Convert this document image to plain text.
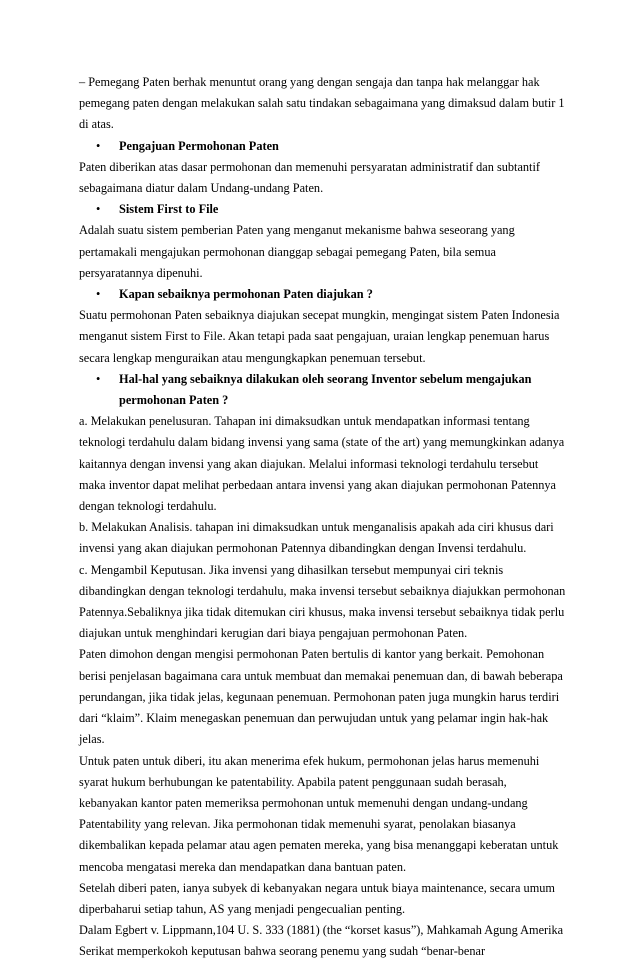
– Pemegang Paten berhak menuntut orang yang dengan sengaja dan tanpa hak melanggar hak pemegang paten dengan melakukan salah satu tindakan sebagaimana yang dimaksud dalam butir 1 di atas.

• Pengajuan Permohonan Paten

Paten diberikan atas dasar permohonan dan memenuhi persyaratan administratif dan subtantif sebagaimana diatur dalam Undang-undang Paten.

• Sistem First to File

Adalah suatu sistem pemberian Paten yang menganut mekanisme bahwa seseorang yang pertamakali mengajukan permohonan dianggap sebagai pemegang Paten, bila semua persyaratannya dipenuhi.

• Kapan sebaiknya permohonan Paten diajukan ?

Suatu permohonan Paten sebaiknya diajukan secepat mungkin, mengingat sistem Paten Indonesia menganut sistem First to File. Akan tetapi pada saat pengajuan, uraian lengkap penemuan harus secara lengkap menguraikan atau mengungkapkan penemuan tersebut.

• Hal-hal yang sebaiknya dilakukan oleh seorang Inventor sebelum mengajukan permohonan Paten ?

a. Melakukan penelusuran. Tahapan ini dimaksudkan untuk mendapatkan informasi tentang teknologi terdahulu dalam bidang invensi yang sama (state of the art) yang memungkinkan adanya kaitannya dengan invensi yang akan diajukan. Melalui informasi teknologi terdahulu tersebut maka inventor dapat melihat perbedaan antara invensi yang akan diajukan permohonan Patennya dengan teknologi terdahulu.

b. Melakukan Analisis. tahapan ini dimaksudkan untuk menganalisis apakah ada ciri khusus dari invensi yang akan diajukan permohonan Patennya dibandingkan dengan Invensi terdahulu.

c. Mengambil Keputusan. Jika invensi yang dihasilkan tersebut mempunyai ciri teknis dibandingkan dengan teknologi terdahulu, maka invensi tersebut sebaiknya diajukkan permohonan Patennya.Sebaliknya jika tidak ditemukan ciri khusus, maka invensi tersebut sebaiknya tidak perlu diajukan untuk menghindari kerugian dari biaya pengajuan permohonan Paten.

Paten dimohon dengan mengisi permohonan Paten bertulis di kantor yang berkait. Pemohonan berisi penjelasan bagaimana cara untuk membuat dan memakai penemuan dan, di bawah beberapa perundangan, jika tidak jelas, kegunaan penemuan. Permohonan paten juga mungkin harus terdiri dari “klaim”. Klaim menegaskan penemuan dan perwujudan untuk yang pelamar ingin hak-hak jelas.

Untuk paten untuk diberi, itu akan menerima efek hukum, permohonan jelas harus memenuhi syarat hukum berhubungan ke patentability. Apabila patent penggunaan sudah berasah, kebanyakan kantor paten memeriksa permohonan untuk memenuhi dengan undang-undang Patentability yang relevan. Jika permohonan tidak memenuhi syarat, penolakan biasanya dikembalikan kepada pelamar atau agen pematen mereka, yang bisa menanggapi keberatan untuk mencoba mengatasi mereka dan mendapatkan dana bantuan paten.

Setelah diberi paten, ianya subyek di kebanyakan negara untuk biaya maintenance, secara umum diperbaharui setiap tahun, AS yang menjadi pengecualian penting.

Dalam Egbert v. Lippmann,104 U. S. 333 (1881) (the “korset kasus”), Mahkamah Agung Amerika Serikat memperkokoh keputusan bahwa seorang penemu yang sudah “benar-benar
